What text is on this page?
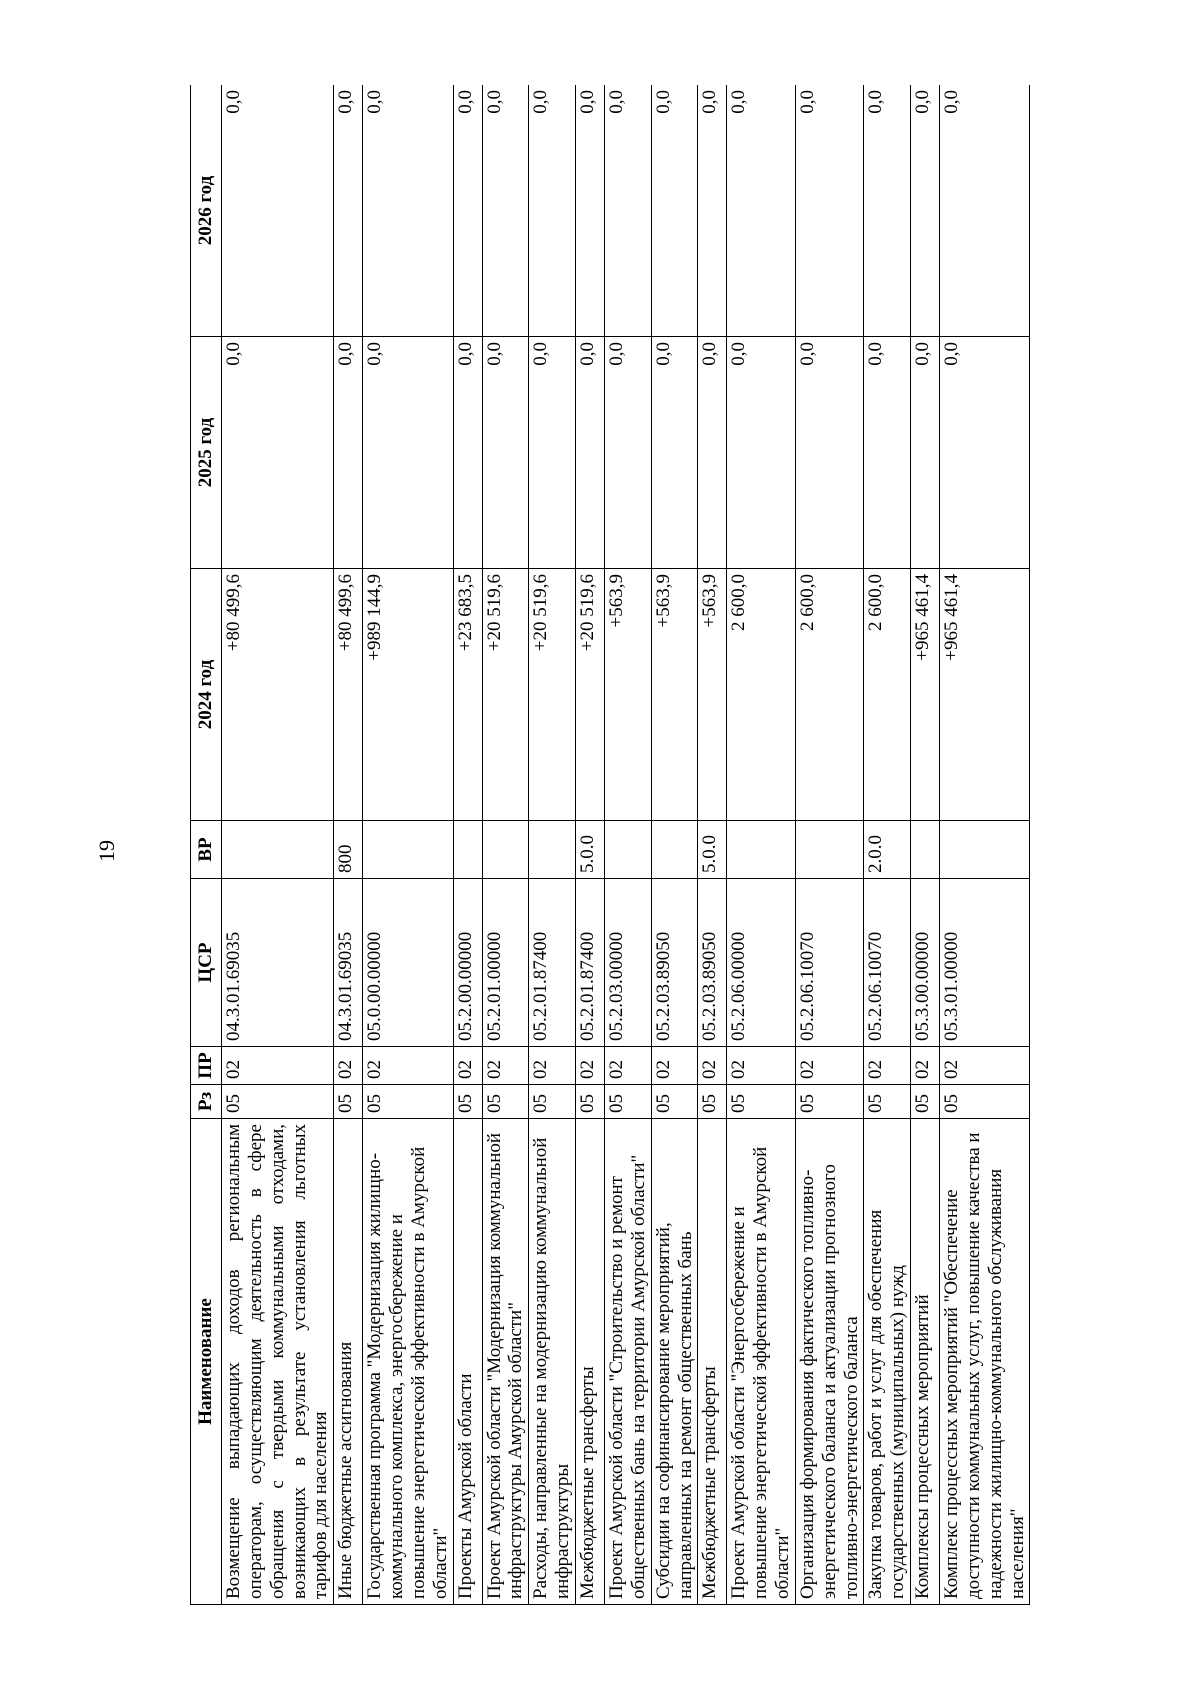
19
Наименование	Рз	ПР	ЦСР	ВР	2024 год	2025 год	2026 год
Возмещение выпадающих доходов региональным операторам, осуществляющим деятельность в сфере обращения с твердыми коммунальными отходами, возникающих в результате установления льготных тарифов для населения	05	02	04.3.01.69035		+80 499,6	0,0	0,0
Иные бюджетные ассигнования	05	02	04.3.01.69035	800	+80 499,6	0,0	0,0
Государственная программа "Модернизация жилищно-коммунального комплекса, энергосбережение и повышение энергетической эффективности в Амурской области"	05	02	05.0.00.00000		+989 144,9	0,0	0,0
Проекты Амурской области	05	02	05.2.00.00000		+23 683,5	0,0	0,0
Проект Амурской области "Модернизация коммунальной инфраструктуры Амурской области"	05	02	05.2.01.00000		+20 519,6	0,0	0,0
Расходы, направленные на модернизацию коммунальной инфраструктуры	05	02	05.2.01.87400		+20 519,6	0,0	0,0
Межбюджетные трансферты	05	02	05.2.01.87400	5.0.0	+20 519,6	0,0	0,0
Проект Амурской области "Строительство и ремонт общественных бань на территории Амурской области"	05	02	05.2.03.00000		+563,9	0,0	0,0
Субсидии на софинансирование мероприятий, направленных на ремонт общественных бань	05	02	05.2.03.89050		+563,9	0,0	0,0
Межбюджетные трансферты	05	02	05.2.03.89050	5.0.0	+563,9	0,0	0,0
Проект Амурской области "Энергосбережение и повышение энергетической эффективности в Амурской области"	05	02	05.2.06.00000		2 600,0	0,0	0,0
Организация формирования фактического топливно-энергетического баланса и актуализации прогнозного топливно-энергетического баланса	05	02	05.2.06.10070		2 600,0	0,0	0,0
Закупка товаров, работ и услуг для обеспечения государственных (муниципальных) нужд	05	02	05.2.06.10070	2.0.0	2 600,0	0,0	0,0
Комплексы процессных мероприятий	05	02	05.3.00.00000		+965 461,4	0,0	0,0
Комплекс процессных мероприятий "Обеспечение доступности коммунальных услуг, повышение качества и надежности жилищно-коммунального обслуживания населения"	05	02	05.3.01.00000		+965 461,4	0,0	0,0
